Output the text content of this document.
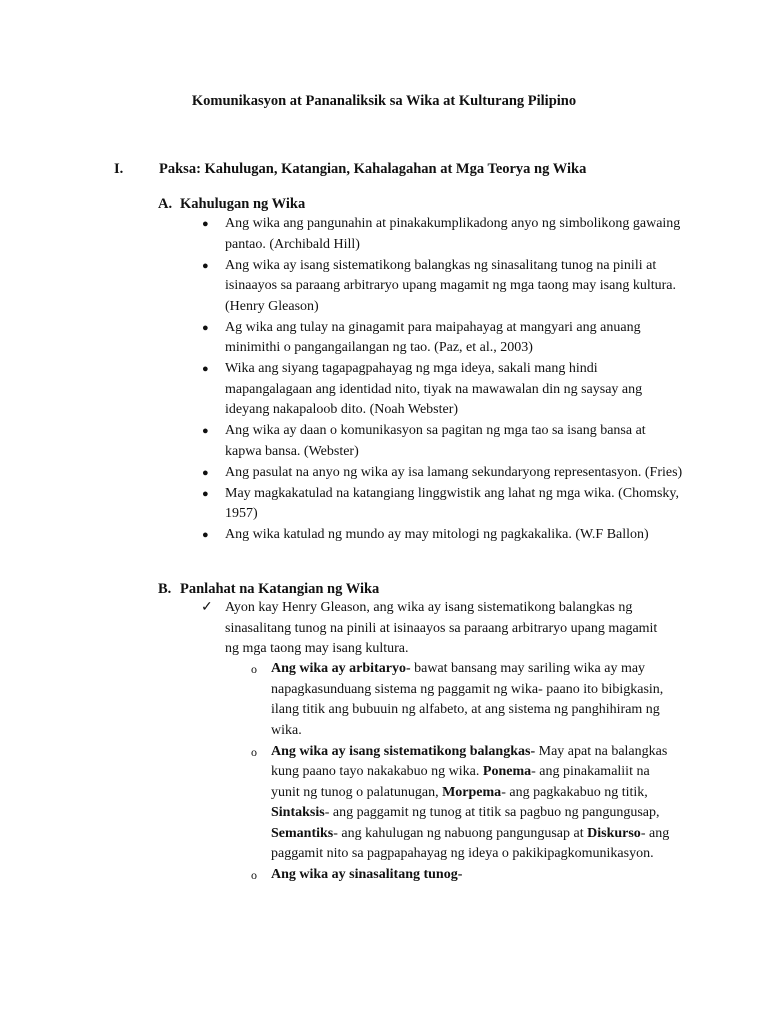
Komunikasyon at Pananaliksik sa Wika at Kulturang Pilipino
I. Paksa: Kahulugan, Katangian, Kahalagahan at Mga Teorya ng Wika
A. Kahulugan ng Wika
● Ang wika ang pangunahin at pinakakumplikadong anyo ng simbolikong gawaing pantao. (Archibald Hill)
● Ang wika ay isang sistematikong balangkas ng sinasalitang tunog na pinili at isinaayos sa paraang arbitraryo upang magamit ng mga taong may isang kultura. (Henry Gleason)
● Ag wika ang tulay na ginagamit para maipahayag at mangyari ang anuang minimithi o pangangailangan ng tao. (Paz, et al., 2003)
● Wika ang siyang tagapagpahayag ng mga ideya, sakali mang hindi mapangalagaan ang identidad nito, tiyak na mawawalan din ng saysay ang ideyang nakapaloob dito. (Noah Webster)
● Ang wika ay daan o komunikasyon sa pagitan ng mga tao sa isang bansa at kapwa bansa. (Webster)
● Ang pasulat na anyo ng wika ay isa lamang sekundaryong representasyon. (Fries)
● May magkakatulad na katangiang linggwistik ang lahat ng mga wika. (Chomsky, 1957)
● Ang wika katulad ng mundo ay may mitologi ng pagkakalika. (W.F Ballon)
B. Panlahat na Katangian ng Wika
✓ Ayon kay Henry Gleason, ang wika ay isang sistematikong balangkas ng sinasalitang tunog na pinili at isinaayos sa paraang arbitraryo upang magamit ng mga taong may isang kultura.
o Ang wika ay arbitaryo- bawat bansang may sariling wika ay may napagkasunduang sistema ng paggamit ng wika- paano ito bibigkasin, ilang titik ang bubuuin ng alfabeto, at ang sistema ng panghihiram ng wika.
o Ang wika ay isang sistematikong balangkas- May apat na balangkas kung paano tayo nakakabuo ng wika. Ponema- ang pinakamaliit na yunit ng tunog o palatunugan, Morpema- ang pagkakabuo ng titik, Sintaksis- ang paggamit ng tunog at titik sa pagbuo ng pangungusap, Semantiks- ang kahulugan ng nabuong pangungusap at Diskurso- ang paggamit nito sa pagpapahayag ng ideya o pakikipagkomunikasyon.
o Ang wika ay sinasalitang tunog-
